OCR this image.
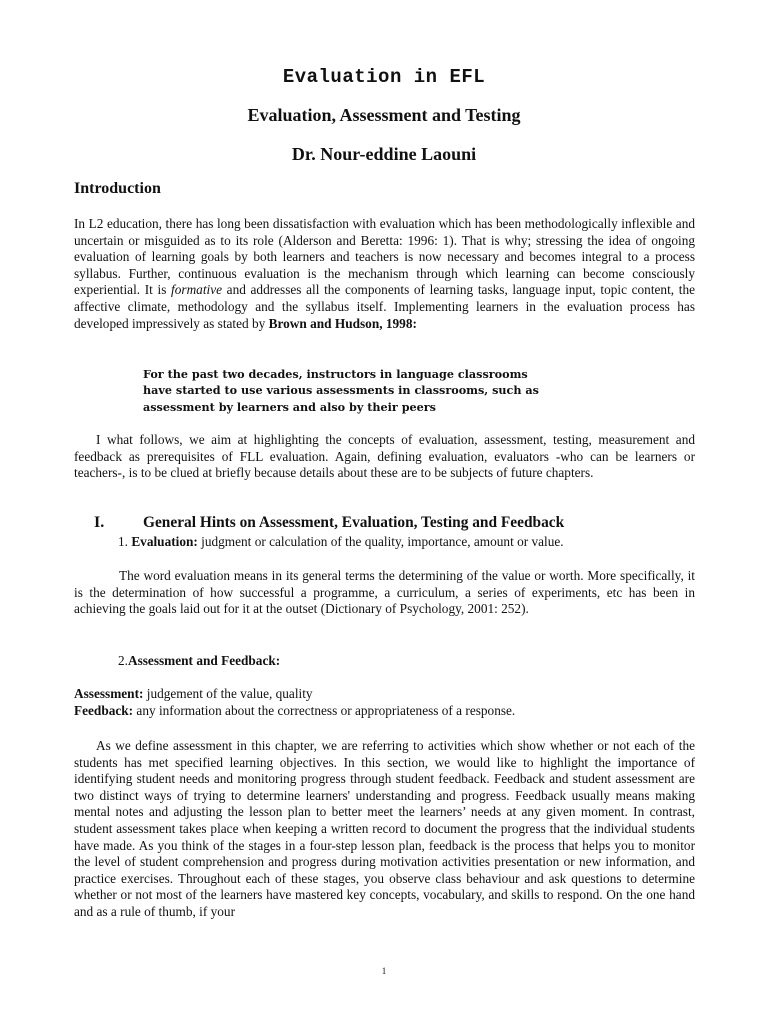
Evaluation in EFL
Evaluation, Assessment and Testing
Dr. Nour-eddine Laouni
Introduction

In L2 education, there has long been dissatisfaction with evaluation which has been methodologically inflexible and uncertain or misguided as to its role (Alderson and Beretta: 1996: 1). That is why; stressing the idea of ongoing evaluation of learning goals by both learners and teachers is now necessary and becomes integral to a process syllabus. Further, continuous evaluation is the mechanism through which learning can become consciously experiential. It is formative and addresses all the components of learning tasks, language input, topic content, the affective climate, methodology and the syllabus itself. Implementing learners in the evaluation process has developed impressively as stated by Brown and Hudson, 1998:

For the past two decades, instructors in language classrooms
have started to use various assessments in classrooms, such as
assessment by learners and also by their peers

I what follows, we aim at highlighting the concepts of evaluation, assessment, testing, measurement and feedback as prerequisites of FLL evaluation. Again, defining evaluation, evaluators -who can be learners or teachers-, is to be clued at briefly because details about these are to be subjects of future chapters.

I.	General Hints on Assessment, Evaluation, Testing and Feedback
1. Evaluation: judgment or calculation of the quality, importance, amount or value.

The word evaluation means in its general terms the determining of the value or worth. More specifically, it is the determination of how successful a programme, a curriculum, a series of experiments, etc has been in achieving the goals laid out for it at the outset (Dictionary of Psychology, 2001: 252).

2.Assessment and Feedback:
Assessment: judgement of the value, quality
Feedback: any information about the correctness or appropriateness of a response.

As we define assessment in this chapter, we are referring to activities which show whether or not each of the students has met specified learning objectives. In this section, we would like to highlight the importance of identifying student needs and monitoring progress through student feedback. Feedback and student assessment are two distinct ways of trying to determine learners' understanding and progress. Feedback usually means making mental notes and adjusting the lesson plan to better meet the learners’ needs at any given moment. In contrast, student assessment takes place when keeping a written record to document the progress that the individual students have made. As you think of the stages in a four-step lesson plan, feedback is the process that helps you to monitor the level of student comprehension and progress during motivation activities presentation or new information, and practice exercises. Throughout each of these stages, you observe class behaviour and ask questions to determine whether or not most of the learners have mastered key concepts, vocabulary, and skills to respond. On the one hand and as a rule of thumb, if your

1
